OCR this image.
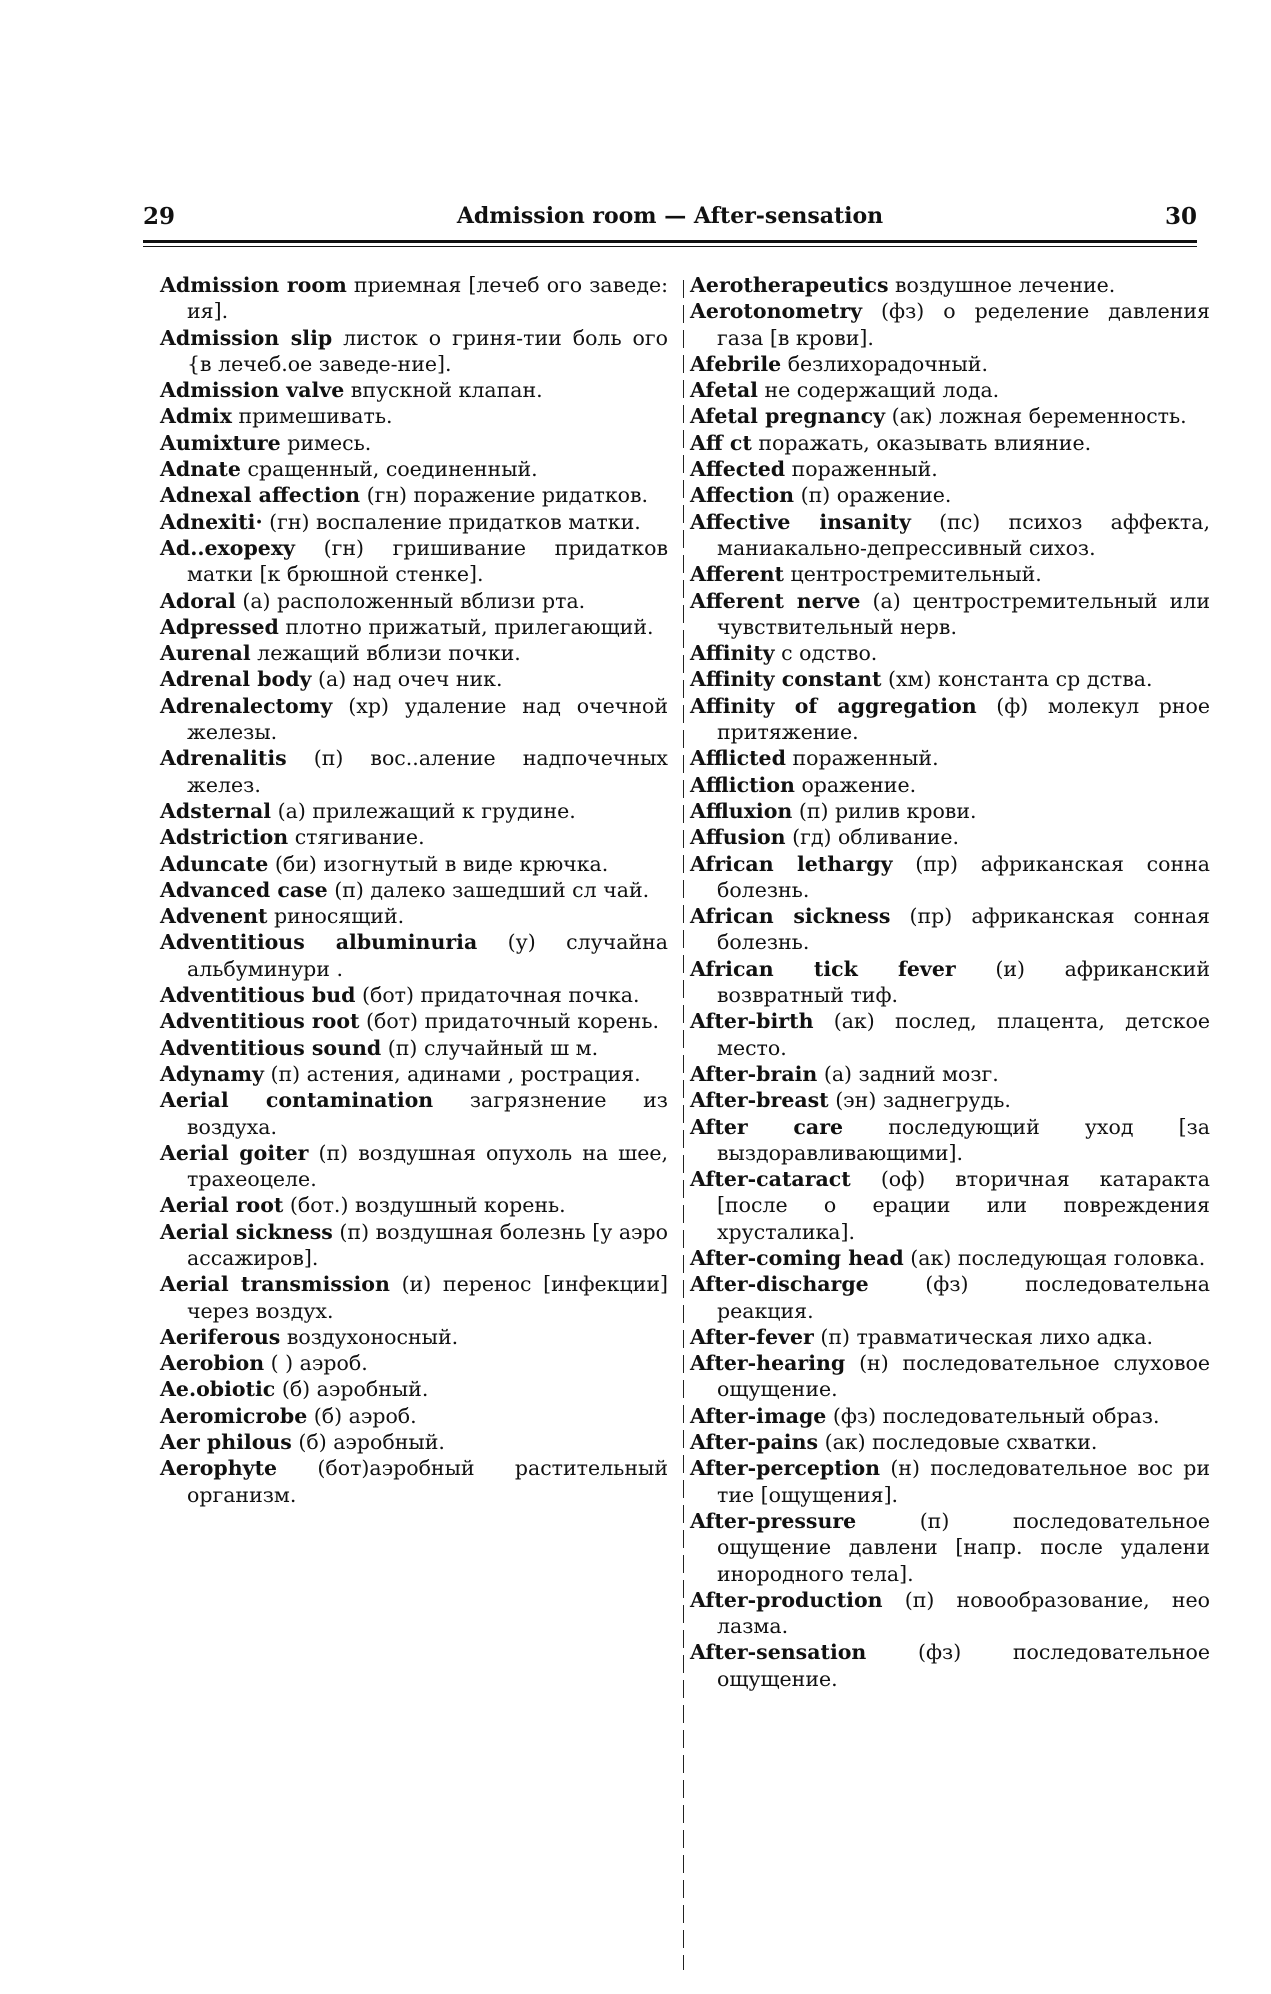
29	Admission room — After-sensation	30

Admission room приемная [лечеб ого заведе: ия].

Admission slip листок о гриня-тии боль ого {в лечеб.ое заведе-ние].

Admission valve впускной клапан.

Admix примешивать.

Aumixture римесь.

Adnate сращенный, соединенный.

Adnexal affection (гн) поражение ридатков.

Adnexiti· (гн) воспаление придатков матки.

Ad..exopexy (гн) гришивание придатков матки [к брюшной стенке].

Adoral (а) расположенный вблизи рта.

Adpressed плотно прижатый, прилегающий.

Aurenal лежащий вблизи почки.

Adrenal body (а) над очеч ник.

Adrenalectomy (хр) удаление над очечной железы.

Adrenalitis (п) вос..аление надпочечных желез.

Adsternal (а) прилежащий к грудине.

Adstriction стягивание.

Aduncate (би) изогнутый в виде крючка.

Advanced case (п) далеко зашедший сл чай.

Advenent риносящий.

Adventitious albuminuria (у) случайна альбуминури .

Adventitious bud (бот) придаточная почка.

Adventitious root (бот) придаточный корень.

Adventitious sound (п) случайный ш м.

Adynamy (п) астения, адинами , рострация.

Aerial contamination загрязнение из воздуха.

Aerial goiter (п) воздушная опухоль на шее, трахеоцеле.

Aerial root (бот.) воздушный корень.

Aerial sickness (п) воздушная болезнь [у аэро ассажиров].

Aerial transmission (и) перенос [инфекции] через воздух.

Aeriferous воздухоносный.

Aerobion ( ) аэроб.

Ae.obiotic (б) аэробный.

Aeromicrobe (б) аэроб.

Aer philous (б) аэробный.

Aerophyte (бот)аэробный растительный организм.

Aerotherapeutics воздушное лечение.

Aerotonometry (фз) о ределение давления газа [в крови].

Afebrile безлихорадочный.

Afetal не содержащий лода.

Afetal pregnancy (ак) ложная беременность.

Aff ct поражать, оказывать влияние.

Affected пораженный.

Affection (п) оражение.

Affective insanity (пс) психоз аффекта, маниакально-депрессивный сихоз.

Afferent центростремительный.

Afferent nerve (а) центростремительный или чувствительный нерв.

Affinity с одство.

Affinity constant (хм) константа ср дства.

Affinity of aggregation (ф) молекул рное притяжение.

Afflicted пораженный.

Affliction оражение.

Affluxion (п) рилив крови.

Affusion (гд) обливание.

African lethargy (пр) африканская сонна болезнь.

African sickness (пр) африканская сонная болезнь.

African tick fever (и) африканский возвратный тиф.

After-birth (ак) послед, плацента, детское место.

After-brain (а) задний мозг.

After-breast (эн) заднегрудь.

After care последующий уход [за выздоравливающими].

After-cataract (оф) вторичная катаракта [после о ерации или повреждения хрусталика].

After-coming head (ак) последующая головка.

After-discharge	(фз) последовательна реакция.

After-fever (п) травматическая лихо адка.

After-hearing (н) последовательное слуховое ощущение.

After-image (фз) последовательный образ.

After-pains (ак) последовые схватки.

After-perception (н) последовательное вос ри тие [ощущения].

After-pressure	(п) последовательное ощущение давлени [напр. после удалени инородного тела].

After-production (п) новообразование, нео лазма.

After-sensation	(фз) последовательное ощущение.
